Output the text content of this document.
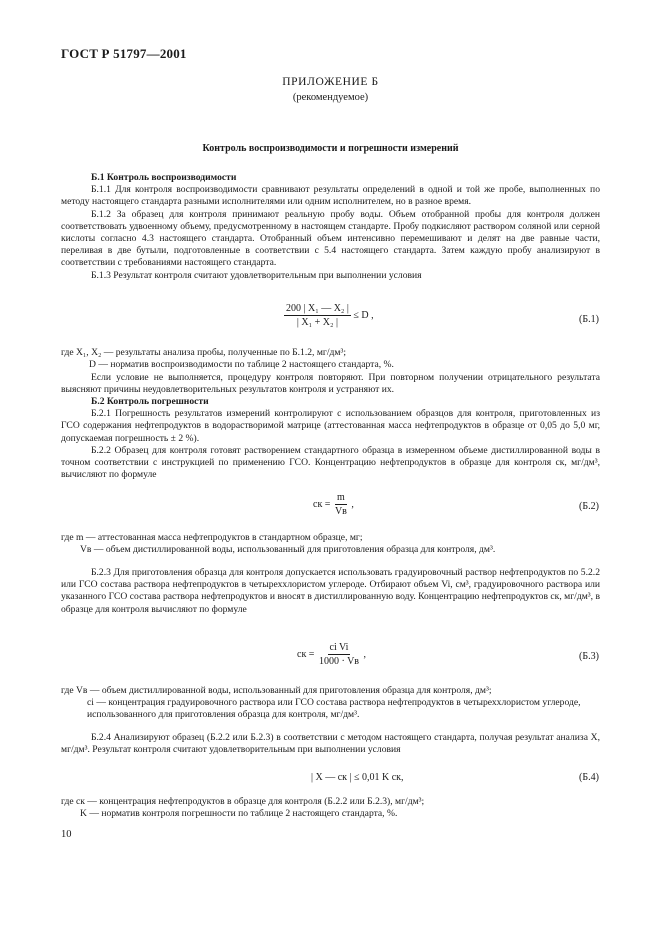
ГОСТ Р 51797—2001
ПРИЛОЖЕНИЕ Б
(рекомендуемое)
Контроль воспроизводимости и погрешности измерений

Б.1 Контроль воспроизводимости

Б.1.1 Для контроля воспроизводимости сравнивают результаты определений в одной и той же пробе, выполненных по методу настоящего стандарта разными исполнителями или одним исполнителем, но в разное время.

Б.1.2 За образец для контроля принимают реальную пробу воды. Объем отобранной пробы для контроля должен соответствовать удвоенному объему, предусмотренному в настоящем стандарте. Пробу подкисляют раствором соляной или серной кислоты согласно 4.3 настоящего стандарта. Отобранный объем интенсивно перемешивают и делят на две равные части, переливая в две бутыли, подготовленные в соответствии с 5.4 настоящего стандарта. Затем каждую пробу анализируют в соответствии с требованиями настоящего стандарта.

Б.1.3 Результат контроля считают удовлетворительным при выполнении условия

$\frac{\text{200 | X₁ — X₂ |}}{\text{| X₁ + X₂ |}} \le D$ ,	(Б.1)
где X₁, X₂ — результаты анализа пробы, полученные по Б.1.2, мг/дм³;
D — норматив воспроизводимости по таблице 2 настоящего стандарта, %.

Если условие не выполняется, процедуру контроля повторяют. При повторном получении отрицательного результата выясняют причины неудовлетворительных результатов контроля и устраняют их.

Б.2 Контроль погрешности

Б.2.1 Погрешность результатов измерений контролируют с использованием образцов для контроля, приготовленных из ГСО содержания нефтепродуктов в водорастворимой матрице (аттестованная масса нефтепродуктов в образце от 0,05 до 5,0 мг, допускаемая погрешность ± 2 %).

Б.2.2 Образец для контроля готовят растворением стандартного образца в измеренном объеме дистиллированной воды в точном соответствии с инструкцией по применению ГСО. Концентрацию нефтепродуктов в образце для контроля cк, мг/дм³, вычисляют по формуле

cк = $\frac{m}{Vв}$ ,	(Б.2)
где m — аттестованная масса нефтепродуктов в стандартном образце, мг;
Vв — объем дистиллированной воды, использованный для приготовления образца для контроля, дм³.

Б.2.3 Для приготовления образца для контроля допускается использовать градуировочный раствор нефтепродуктов по 5.2.2 или ГСО состава раствора нефтепродуктов в четыреххлористом углероде. Отбирают объем Vi, см³, градуировочного раствора или указанного ГСО состава раствора нефтепродуктов и вносят в дистиллированную воду. Концентрацию нефтепродуктов cк, мг/дм³, в образце для контроля вычисляют по формуле

cк = $\frac{\text{ci Vi}}{1000 \cdot Vв}$ ,	(Б.3)
где Vв — объем дистиллированной воды, использованный для приготовления образца для контроля, дм³;
ci — концентрация градуировочного раствора или ГСО состава раствора нефтепродуктов в четыреххлористом углероде, использованного для приготовления образца для контроля, мг/дм³.

Б.2.4 Анализируют образец (Б.2.2 или Б.2.3) в соответствии с методом настоящего стандарта, получая результат анализа X, мг/дм³. Результат контроля считают удовлетворительным при выполнении условия

| X — cк | ≤ 0,01 K cк,	(Б.4)
где cк — концентрация нефтепродуктов в образце для контроля (Б.2.2 или Б.2.3), мг/дм³;
K — норматив контроля погрешности по таблице 2 настоящего стандарта, %.
10
